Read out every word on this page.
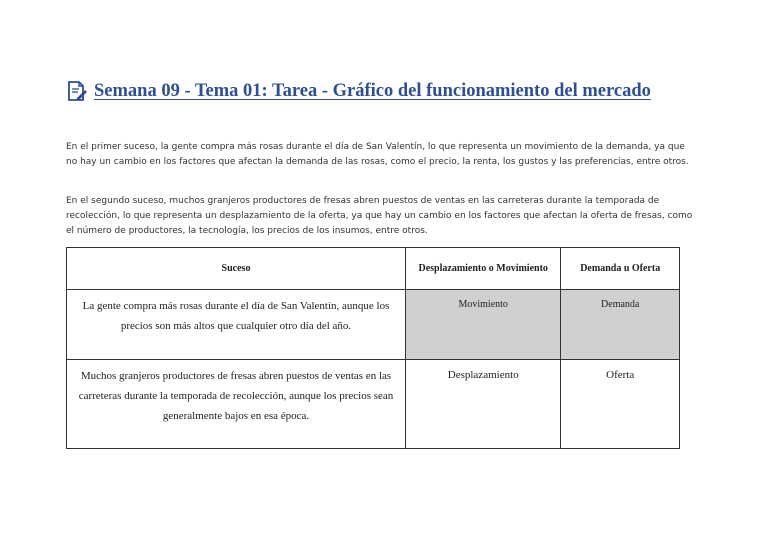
Semana 09 - Tema 01: Tarea - Gráfico del funcionamiento del mercado

En el primer suceso, la gente compra más rosas durante el día de San Valentín, lo que representa un movimiento de la demanda, ya que no hay un cambio en los factores que afectan la demanda de las rosas, como el precio, la renta, los gustos y las preferencias, entre otros.

En el segundo suceso, muchos granjeros productores de fresas abren puestos de ventas en las carreteras durante la temporada de recolección, lo que representa un desplazamiento de la oferta, ya que hay un cambio en los factores que afectan la oferta de fresas, como el número de productores, la tecnología, los precios de los insumos, entre otros.

Suceso	Desplazamiento o Movimiento	Demanda u Oferta
La gente compra más rosas durante el día de San Valentín, aunque los precios son más altos que cualquier otro día del año.	Movimiento	Demanda
Muchos granjeros productores de fresas abren puestos de ventas en las carreteras durante la temporada de recolección, aunque los precios sean generalmente bajos en esa época.	Desplazamiento	Oferta
